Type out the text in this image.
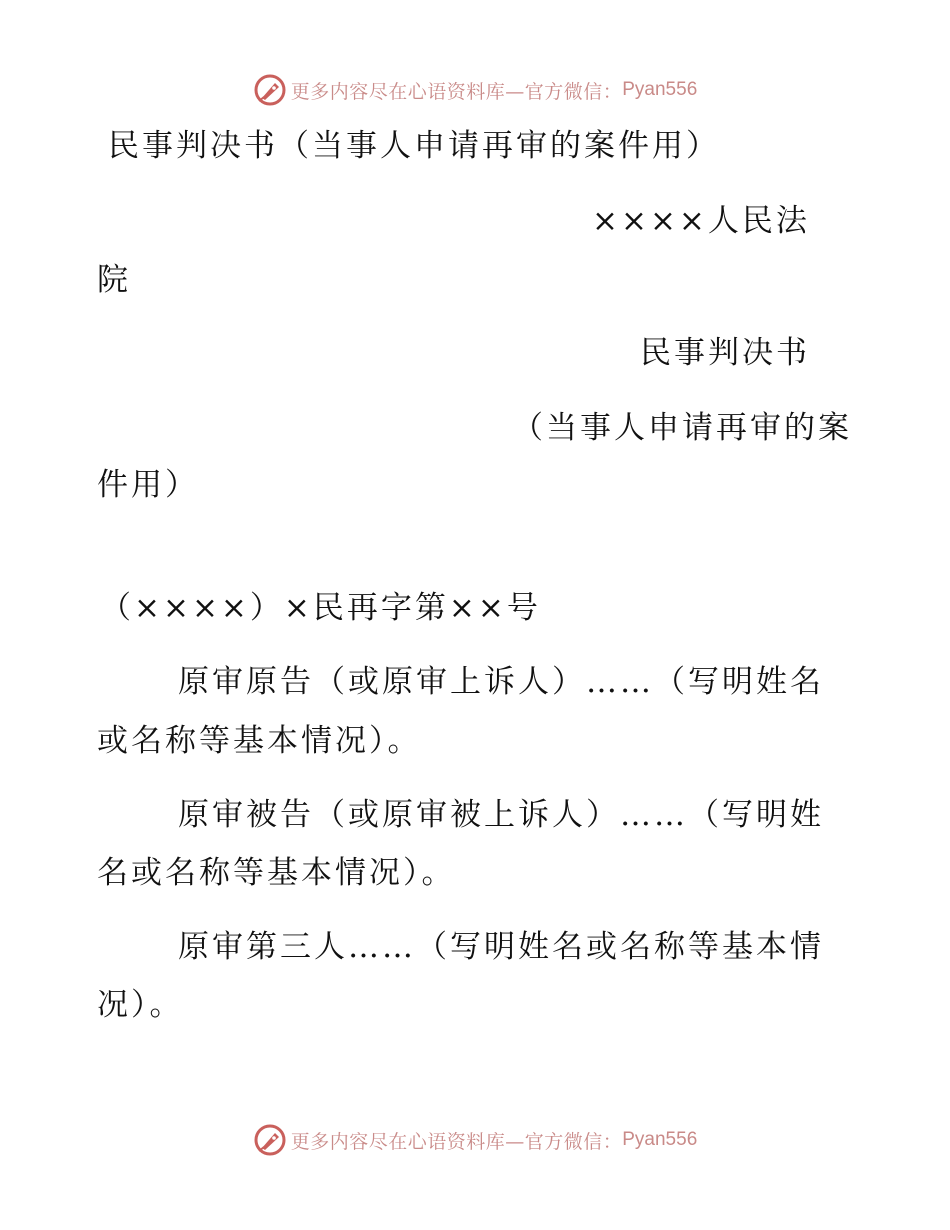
更多内容尽在心语资料库—官方微信： Pyan556

民事判决书（当事人申请再审的案件用）

××××人民法

院

民事判决书

（当事人申请再审的案

件用）

（××××）×民再字第××号

原审原告（或原审上诉人）……（写明姓名

或名称等基本情况）。

原审被告（或原审被上诉人）……（写明姓

名或名称等基本情况）。

原审第三人……（写明姓名或名称等基本情

况）。

更多内容尽在心语资料库—官方微信： Pyan556
